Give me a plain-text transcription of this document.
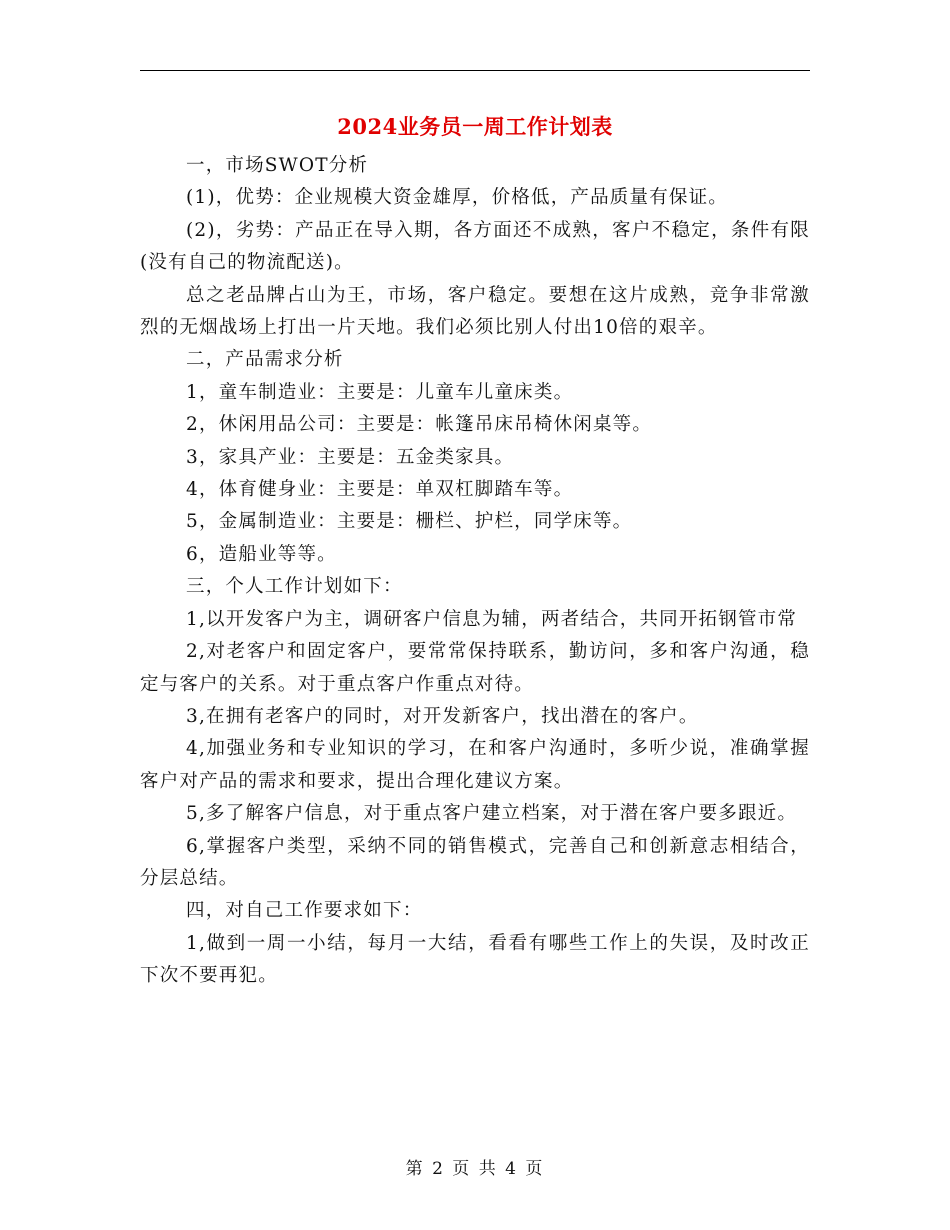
2024业务员一周工作计划表

一，市场SWOT分析

(1)，优势：企业规模大资金雄厚，价格低，产品质量有保证。

(2)，劣势：产品正在导入期，各方面还不成熟，客户不稳定，条件有限(没有自己的物流配送)。

总之老品牌占山为王，市场，客户稳定。要想在这片成熟，竞争非常激烈的无烟战场上打出一片天地。我们必须比别人付出10倍的艰辛。

二，产品需求分析

1，童车制造业：主要是：儿童车儿童床类。

2，休闲用品公司：主要是：帐篷吊床吊椅休闲桌等。

3，家具产业：主要是：五金类家具。

4，体育健身业：主要是：单双杠脚踏车等。

5，金属制造业：主要是：栅栏、护栏，同学床等。

6，造船业等等。

三，个人工作计划如下：

1,以开发客户为主，调研客户信息为辅，两者结合，共同开拓钢管市常

2,对老客户和固定客户，要常常保持联系，勤访问，多和客户沟通，稳定与客户的关系。对于重点客户作重点对待。

3,在拥有老客户的同时，对开发新客户，找出潜在的客户。

4,加强业务和专业知识的学习，在和客户沟通时，多听少说，准确掌握客户对产品的需求和要求，提出合理化建议方案。

5,多了解客户信息，对于重点客户建立档案，对于潜在客户要多跟近。

6,掌握客户类型，采纳不同的销售模式，完善自己和创新意志相结合，分层总结。

四，对自己工作要求如下：

1,做到一周一小结，每月一大结，看看有哪些工作上的失误，及时改正下次不要再犯。

第 2 页 共 4 页
